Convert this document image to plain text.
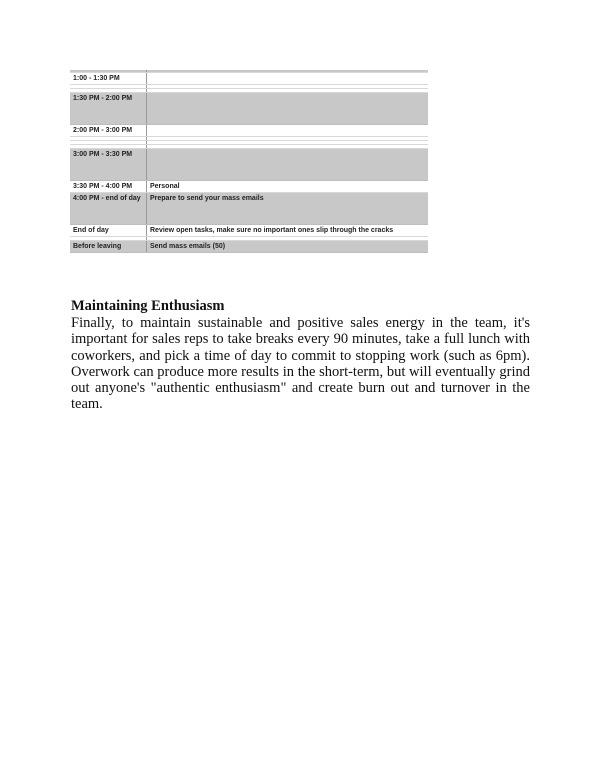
1:00 - 1:30 PM	

1:30 PM - 2:00 PM	
2:00 PM - 3:00 PM	

3:00 PM - 3:30 PM	
3:30 PM - 4:00 PM	Personal
4:00 PM - end of day	Prepare to send your mass emails
End of day	Review open tasks, make sure no important ones slip through the cracks

Before leaving	Send mass emails (50)
Maintaining Enthusiasm

Finally, to maintain sustainable and positive sales energy in the team, it's important for sales reps to take breaks every 90 minutes, take a full lunch with coworkers, and pick a time of day to commit to stopping work (such as 6pm). Overwork can produce more results in the short-term, but will eventually grind out anyone's "authentic enthusiasm" and create burn out and turnover in the team.
